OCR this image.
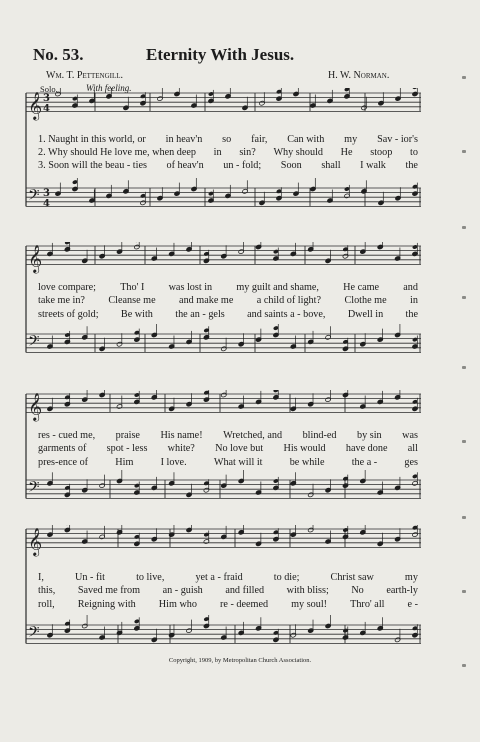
No. 53.	Eternity With Jesus.
Wm. T. Pettengill.	H. W. Norman.
Solo.	With feeling.
𝄞 3
4
𝄢 3
4
1. Naught in this world, or in heav'n so fair, Can with my Sav - ior's
2. Why should He love me, when deep in sin? Why should He stoop to
3. Soon will the beau - ties of heav'n un - fold; Soon shall I walk the
𝄞
𝄢
love compare; Tho' I was lost in my guilt and shame, He came and
take me in? Cleanse me and make me a child of light? Clothe me in
streets of gold; Be with the an - gels and saints a - bove, Dwell in the
𝄞
𝄢
res - cued me, praise His name! Wretched, and blind-ed by sin was
garments of spot - less white? No love but His would have done all
pres-ence of	Him	I love.	What will it	be while	the a -	ges
𝄞
𝄢
I,	Un - fit	to live,	yet a - fraid	to die;	Christ saw	my
this, Saved me from an - guish and filled with bliss; No earth-ly
roll, Reigning with Him who re - deemed my soul! Thro' all e -
Copyright, 1909, by Metropolitan Church Association.
